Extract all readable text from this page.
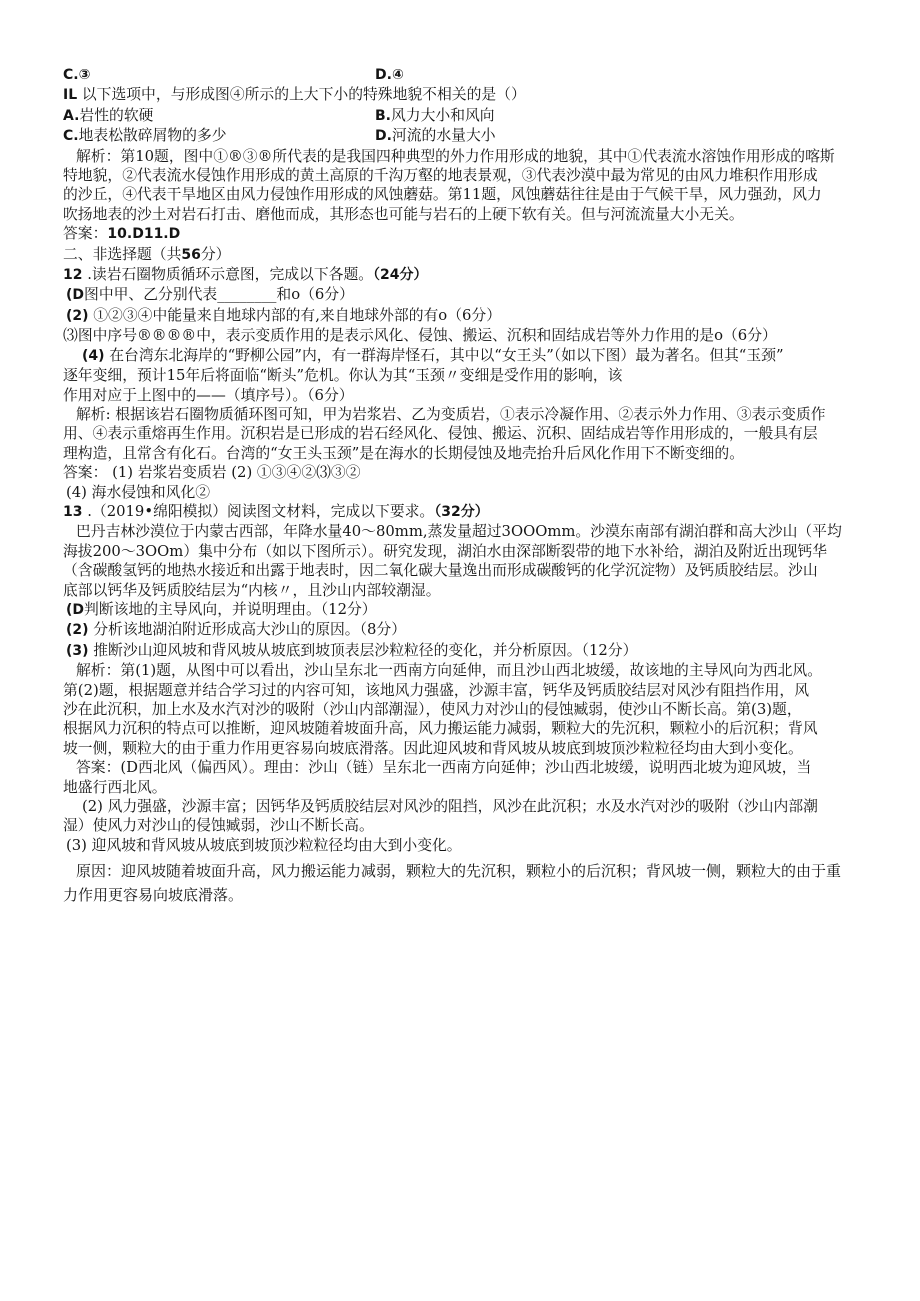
C.③	D.④
IL 以下选项中，与形成图④所示的上大下小的特殊地貌不相关的是（）
A.岩性的软硬	B.风力大小和风向
C.地表松散碎屑物的多少	D.河流的水量大小
解析：第10题，图中①®③®所代表的是我国四种典型的外力作用形成的地貌，其中①代表流水溶蚀作用形成的喀斯
特地貌，②代表流水侵蚀作用形成的黄土高原的千沟万壑的地表景观，③代表沙漠中最为常见的由风力堆积作用形成
的沙丘，④代表干旱地区由风力侵蚀作用形成的风蚀蘑菇。第11题，风蚀蘑菇往往是由于气候干旱，风力强劲，风力
吹扬地表的沙土对岩石打击、磨他而成，其形态也可能与岩石的上硬下软有关。但与河流流量大小无关。
答案：10.D11.D
二、非选择题（共56分）
12 .读岩石圈物质循环示意图，完成以下各题。（24分）
(D图中甲、乙分别代表________和o（6分）
(2) ①②③④中能量来自地球内部的有,来自地球外部的有o（6分）
⑶图中序号®®®®中，表示变质作用的是表示风化、侵蚀、搬运、沉积和固结成岩等外力作用的是o（6分）
(4) 在台湾东北海岸的“野柳公园”内，有一群海岸怪石，其中以“女王头”（如以下图）最为著名。但其“玉颈”
逐年变细，预计15年后将面临“断头”危机。你认为其“玉颈〃变细是受作用的影响，该
作用对应于上图中的——（填序号）。（6分）
解析: 根据该岩石圈物质循环图可知，甲为岩浆岩、乙为变质岩，①表示冷凝作用、②表示外力作用、③表示变质作
用、④表示重熔再生作用。沉积岩是已形成的岩石经风化、侵蚀、搬运、沉积、固结成岩等作用形成的，一般具有层
理构造，且常含有化石。台湾的“女王头玉颈”是在海水的长期侵蚀及地壳抬升后风化作用下不断变细的。
答案： (1) 岩浆岩变质岩 (2) ①③④②⑶③②
(4) 海水侵蚀和风化②
13 .（2019•绵阳模拟）阅读图文材料，完成以下要求。（32分）
巴丹吉林沙漠位于内蒙古西部，年降水量40〜80mm,蒸发量超过3OOOmm。沙漠东南部有湖泊群和高大沙山（平均
海拔200〜3OOm）集中分布（如以下图所示）。研究发现，湖泊水由深部断裂带的地下水补给，湖泊及附近出现钙华
（含碳酸氢钙的地热水接近和出露于地表时，因二氧化碳大量逸出而形成碳酸钙的化学沉淀物）及钙质胶结层。沙山
底部以钙华及钙质胶结层为“内核〃，且沙山内部较潮湿。
(D判断该地的主导风向，并说明理由。（12分）
(2) 分析该地湖泊附近形成高大沙山的原因。（8分）
(3) 推断沙山迎风坡和背风坡从坡底到坡顶表层沙粒粒径的变化，并分析原因。（12分）
解析：第(1)题，从图中可以看出，沙山呈东北一西南方向延伸，而且沙山西北坡缓，故该地的主导风向为西北风。
第(2)题，根据题意并结合学习过的内容可知，该地风力强盛，沙源丰富，钙华及钙质胶结层对风沙有阻挡作用，风
沙在此沉积，加上水及水汽对沙的吸附（沙山内部潮湿），使风力对沙山的侵蚀臧弱，使沙山不断长高。第(3)题，
根据风力沉积的特点可以推断，迎风坡随着坡面升高，风力搬运能力减弱，颗粒大的先沉积，颗粒小的后沉积；背风
坡一侧，颗粒大的由于重力作用更容易向坡底滑落。因此迎风坡和背风坡从坡底到坡顶沙粒粒径均由大到小变化。
答案：(D西北风（偏西风）。理由：沙山（链）呈东北一西南方向延伸；沙山西北坡缓，说明西北坡为迎风坡，当
地盛行西北风。
(2) 风力强盛，沙源丰富；因钙华及钙质胶结层对风沙的阻挡，风沙在此沉积；水及水汽对沙的吸附（沙山内部潮
湿）使风力对沙山的侵蚀臧弱，沙山不断长高。
(3) 迎风坡和背风坡从坡底到坡顶沙粒粒径均由大到小变化。
原因：迎风坡随着坡面升高，风力搬运能力减弱，颗粒大的先沉积，颗粒小的后沉积；背风坡一侧，颗粒大的由于重
力作用更容易向坡底滑落。
